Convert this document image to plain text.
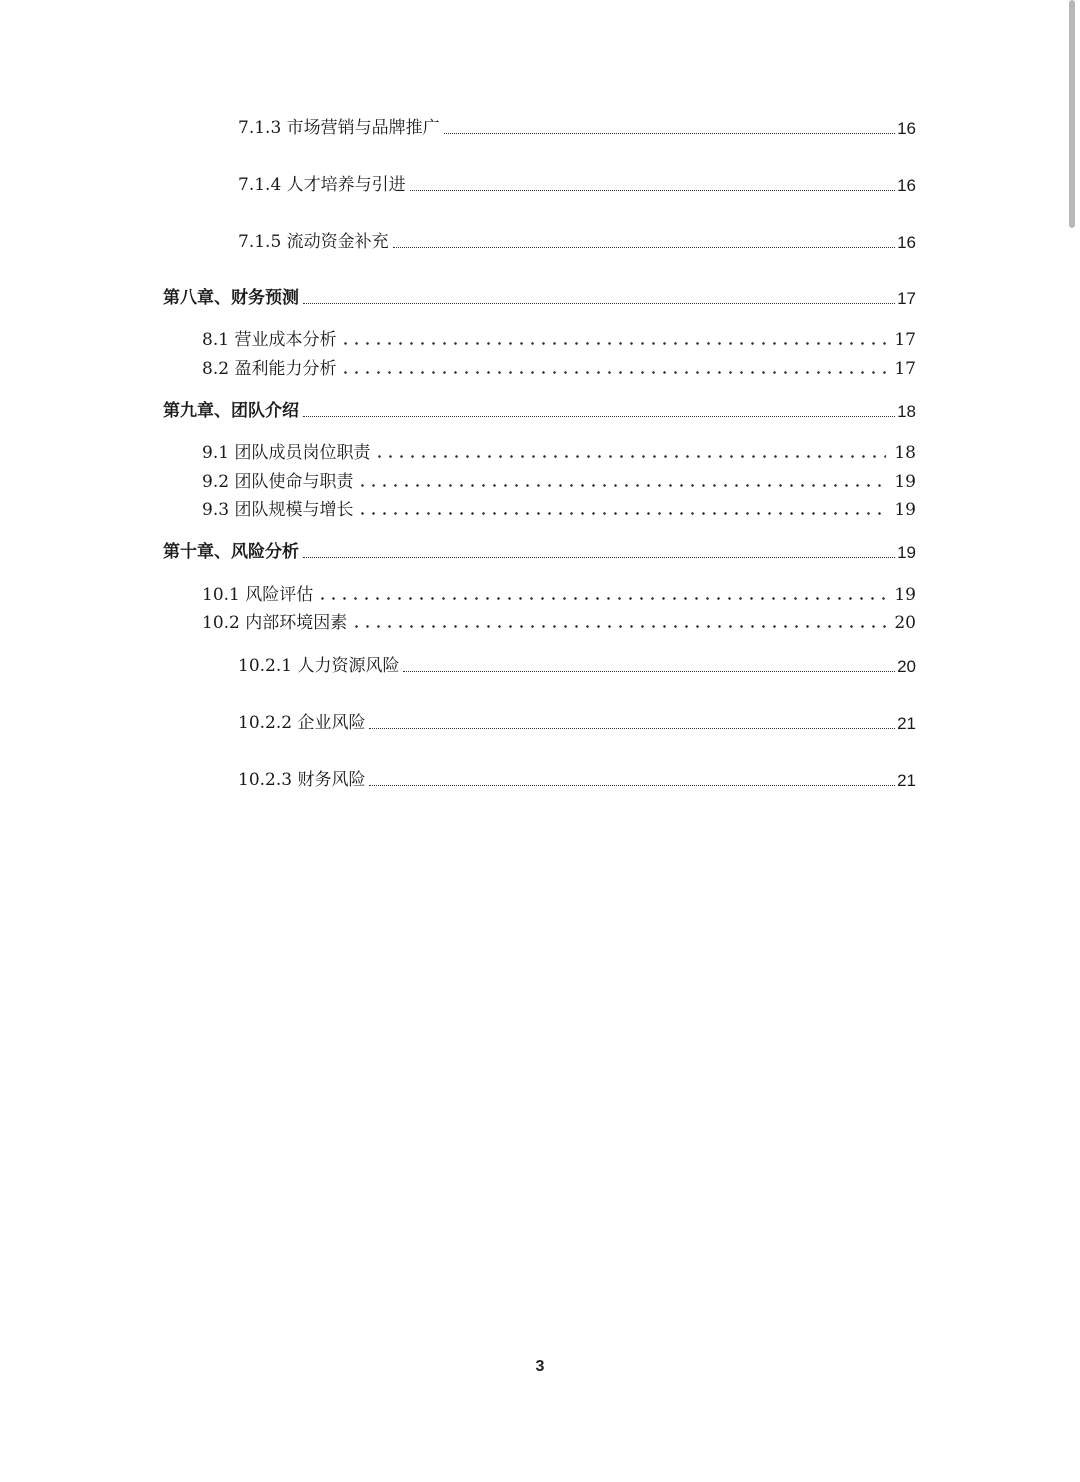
7.1.3 市场营销与品牌推广	16
7.1.4 人才培养与引进	16
7.1.5 流动资金补充	16
第八章、财务预测	17
8.1 营业成本分析	17
8.2 盈利能力分析	17
第九章、团队介绍	18
9.1 团队成员岗位职责	18
9.2 团队使命与职责	19
9.3 团队规模与增长	19
第十章、风险分析	19
10.1 风险评估	19
10.2 内部环境因素	20
10.2.1 人力资源风险	20
10.2.2 企业风险	21
10.2.3 财务风险	21
3
